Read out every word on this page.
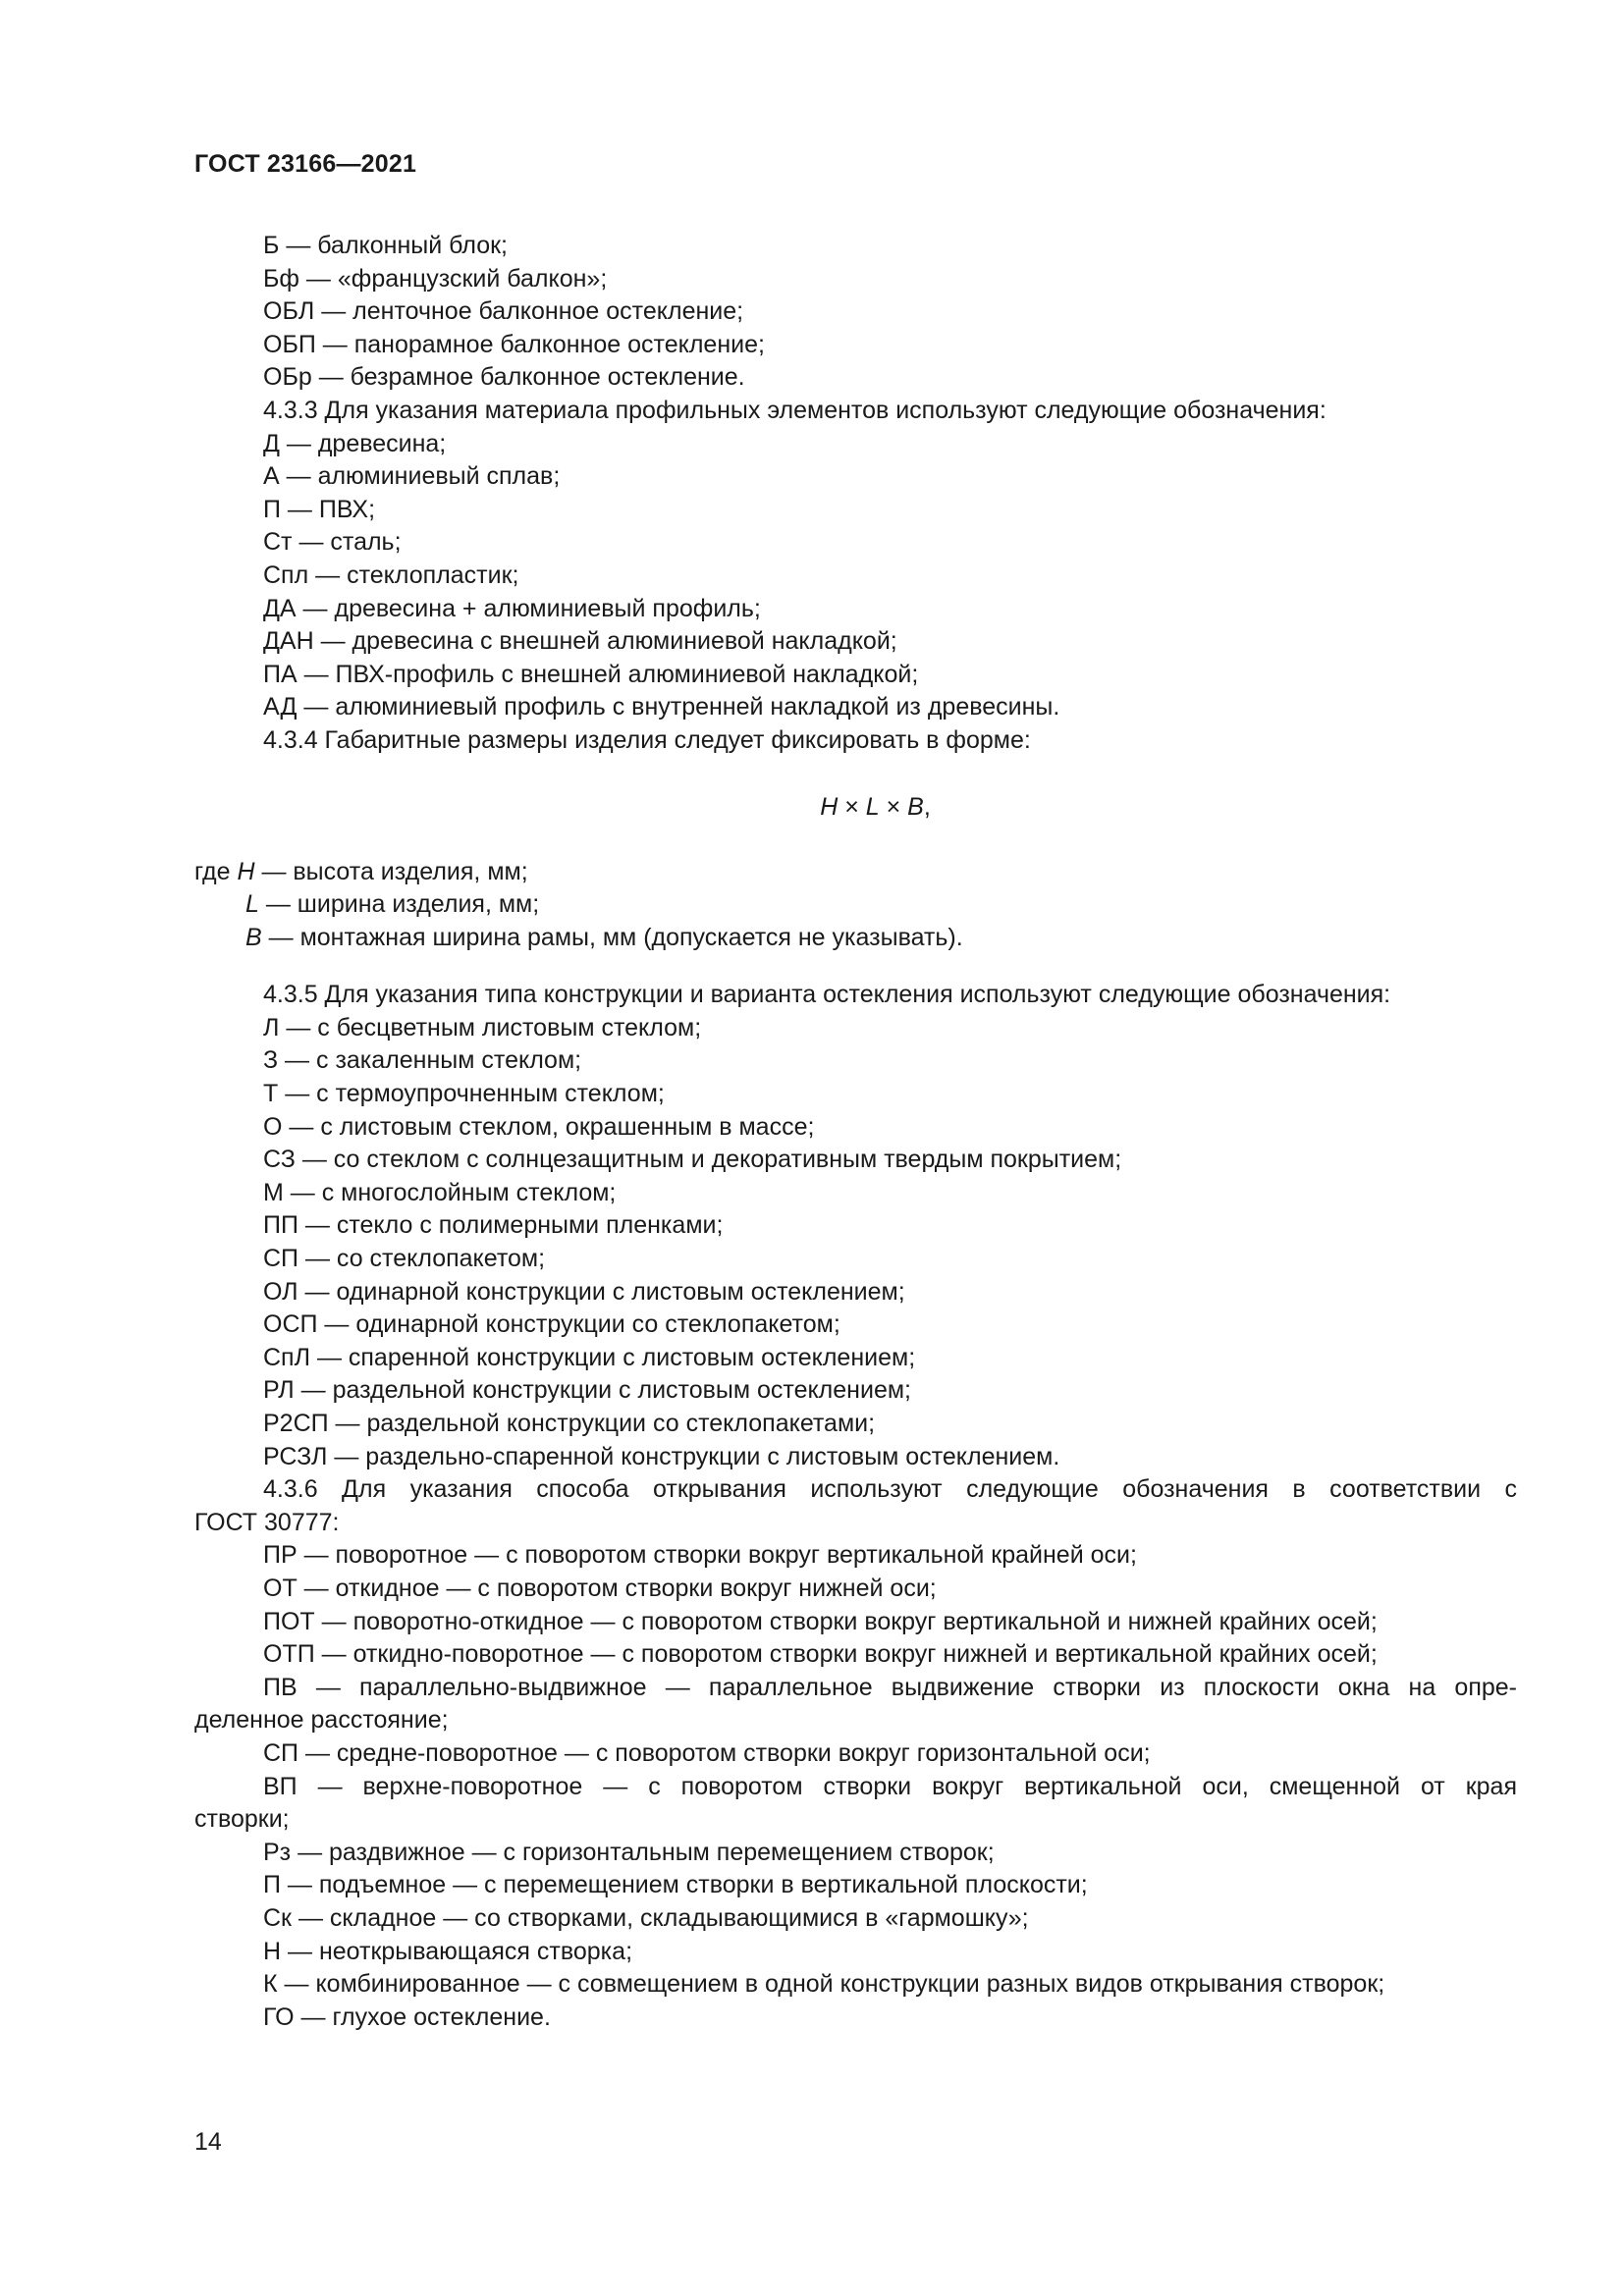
ГОСТ 23166—2021
Б — балконный блок;
Бф — «французский балкон»;
ОБЛ — ленточное балконное остекление;
ОБП — панорамное балконное остекление;
ОБр — безрамное балконное остекление.
4.3.3 Для указания материала профильных элементов используют следующие обозначения:
Д — древесина;
А — алюминиевый сплав;
П — ПВХ;
Ст — сталь;
Спл — стеклопластик;
ДА — древесина + алюминиевый профиль;
ДАН — древесина с внешней алюминиевой накладкой;
ПА — ПВХ-профиль с внешней алюминиевой накладкой;
АД — алюминиевый профиль с внутренней накладкой из древесины.
4.3.4 Габаритные размеры изделия следует фиксировать в форме:
H × L × B,
где H — высота изделия, мм;
L — ширина изделия, мм;
B — монтажная ширина рамы, мм (допускается не указывать).
4.3.5 Для указания типа конструкции и варианта остекления используют следующие обозначения:
Л — с бесцветным листовым стеклом;
З — с закаленным стеклом;
Т — с термоупрочненным стеклом;
О — с листовым стеклом, окрашенным в массе;
СЗ — со стеклом с солнцезащитным и декоративным твердым покрытием;
М — с многослойным стеклом;
ПП — стекло с полимерными пленками;
СП — со стеклопакетом;
ОЛ — одинарной конструкции с листовым остеклением;
ОСП — одинарной конструкции со стеклопакетом;
СпЛ — спаренной конструкции с листовым остеклением;
РЛ — раздельной конструкции с листовым остеклением;
Р2СП — раздельной конструкции со стеклопакетами;
РСЗЛ — раздельно-спаренной конструкции с листовым остеклением.
4.3.6 Для указания способа открывания используют следующие обозначения в соответствии с
ГОСТ 30777:
ПР — поворотное — с поворотом створки вокруг вертикальной крайней оси;
ОТ — откидное — с поворотом створки вокруг нижней оси;
ПОТ — поворотно-откидное — с поворотом створки вокруг вертикальной и нижней крайних осей;
ОТП — откидно-поворотное — с поворотом створки вокруг нижней и вертикальной крайних осей;
ПВ — параллельно-выдвижное — параллельное выдвижение створки из плоскости окна на опре-
деленное расстояние;
СП — средне-поворотное — с поворотом створки вокруг горизонтальной оси;
ВП — верхне-поворотное — с поворотом створки вокруг вертикальной оси, смещенной от края
створки;
Рз — раздвижное — с горизонтальным перемещением створок;
П — подъемное — с перемещением створки в вертикальной плоскости;
Ск — складное — со створками, складывающимися в «гармошку»;
Н — неоткрывающаяся створка;
К — комбинированное — с совмещением в одной конструкции разных видов открывания створок;
ГО — глухое остекление.
14
